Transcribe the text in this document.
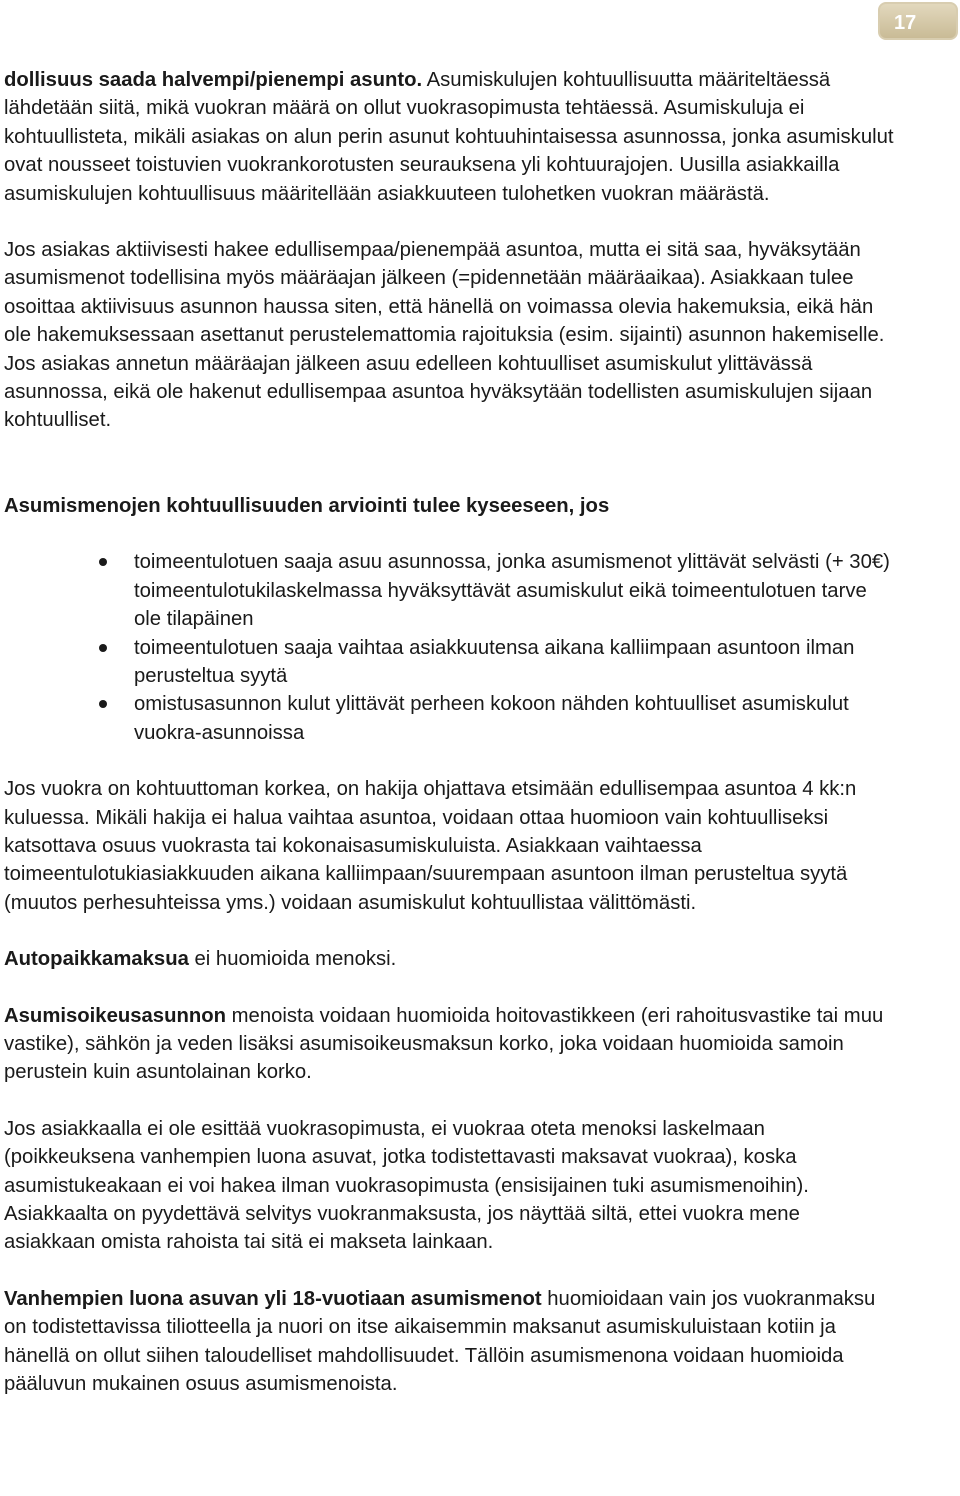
17

dollisuus saada halvempi/pienempi asunto. Asumiskulujen kohtuullisuutta määriteltäessä lähdetään siitä, mikä vuokran määrä on ollut vuokrasopimusta tehtäessä. Asumiskuluja ei kohtuullisteta, mikäli asiakas on alun perin asunut kohtuuhintaisessa asunnossa, jonka asumiskulut ovat nousseet toistuvien vuokrankorotusten seurauksena yli kohtuurajojen. Uusilla asiakkailla asumiskulujen kohtuullisuus määritellään asiakkuuteen tulohetken vuokran määrästä.

Jos asiakas aktiivisesti hakee edullisempaa/pienempää asuntoa, mutta ei sitä saa, hyväksytään asumismenot todellisina myös määräajan jälkeen (=pidennetään määräaikaa). Asiakkaan tulee osoittaa aktiivisuus asunnon haussa siten, että hänellä on voimassa olevia hakemuksia, eikä hän ole hakemuksessaan asettanut perustelemattomia rajoituksia (esim. sijainti) asunnon hakemiselle. Jos asiakas annetun määräajan jälkeen asuu edelleen kohtuulliset asumiskulut ylittävässä asunnossa, eikä ole hakenut edullisempaa asuntoa hyväksytään todellisten asumiskulujen sijaan kohtuulliset.

Asumismenojen kohtuullisuuden arviointi tulee kyseeseen, jos

toimeentulotuen saaja asuu asunnossa, jonka asumismenot ylittävät selvästi (+ 30€) toimeentulotukilaskelmassa hyväksyttävät asumiskulut eikä toimeentulotuen tarve ole tilapäinen
toimeentulotuen saaja vaihtaa asiakkuutensa aikana kalliimpaan asuntoon ilman perusteltua syytä
omistusasunnon kulut ylittävät perheen kokoon nähden kohtuulliset asumiskulut vuokra-asunnoissa

Jos vuokra on kohtuuttoman korkea, on hakija ohjattava etsimään edullisempaa asuntoa 4 kk:n kuluessa. Mikäli hakija ei halua vaihtaa asuntoa, voidaan ottaa huomioon vain kohtuulliseksi katsottava osuus vuokrasta tai kokonaisasumiskuluista. Asiakkaan vaihtaessa toimeentulotukiasiakkuuden aikana kalliimpaan/suurempaan asuntoon ilman perusteltua syytä (muutos perhesuhteissa yms.) voidaan asumiskulut kohtuullistaa välittömästi.

Autopaikkamaksua ei huomioida menoksi.

Asumisoikeusasunnon menoista voidaan huomioida hoitovastikkeen (eri rahoitusvastike tai muu vastike), sähkön ja veden lisäksi asumisoikeusmaksun korko, joka voidaan huomioida samoin perustein kuin asuntolainan korko.

Jos asiakkaalla ei ole esittää vuokrasopimusta, ei vuokraa oteta menoksi laskelmaan (poikkeuksena vanhempien luona asuvat, jotka todistettavasti maksavat vuokraa), koska asumistukeakaan ei voi hakea ilman vuokrasopimusta (ensisijainen tuki asumismenoihin). Asiakkaalta on pyydettävä selvitys vuokranmaksusta, jos näyttää siltä, ettei vuokra mene asiakkaan omista rahoista tai sitä ei makseta lainkaan.

Vanhempien luona asuvan yli 18-vuotiaan asumismenot huomioidaan vain jos vuokranmaksu on todistettavissa tiliotteella ja nuori on itse aikaisemmin maksanut asumiskuluistaan kotiin ja hänellä on ollut siihen taloudelliset mahdollisuudet. Tällöin asumismenona voidaan huomioida pääluvun mukainen osuus asumismenoista.
